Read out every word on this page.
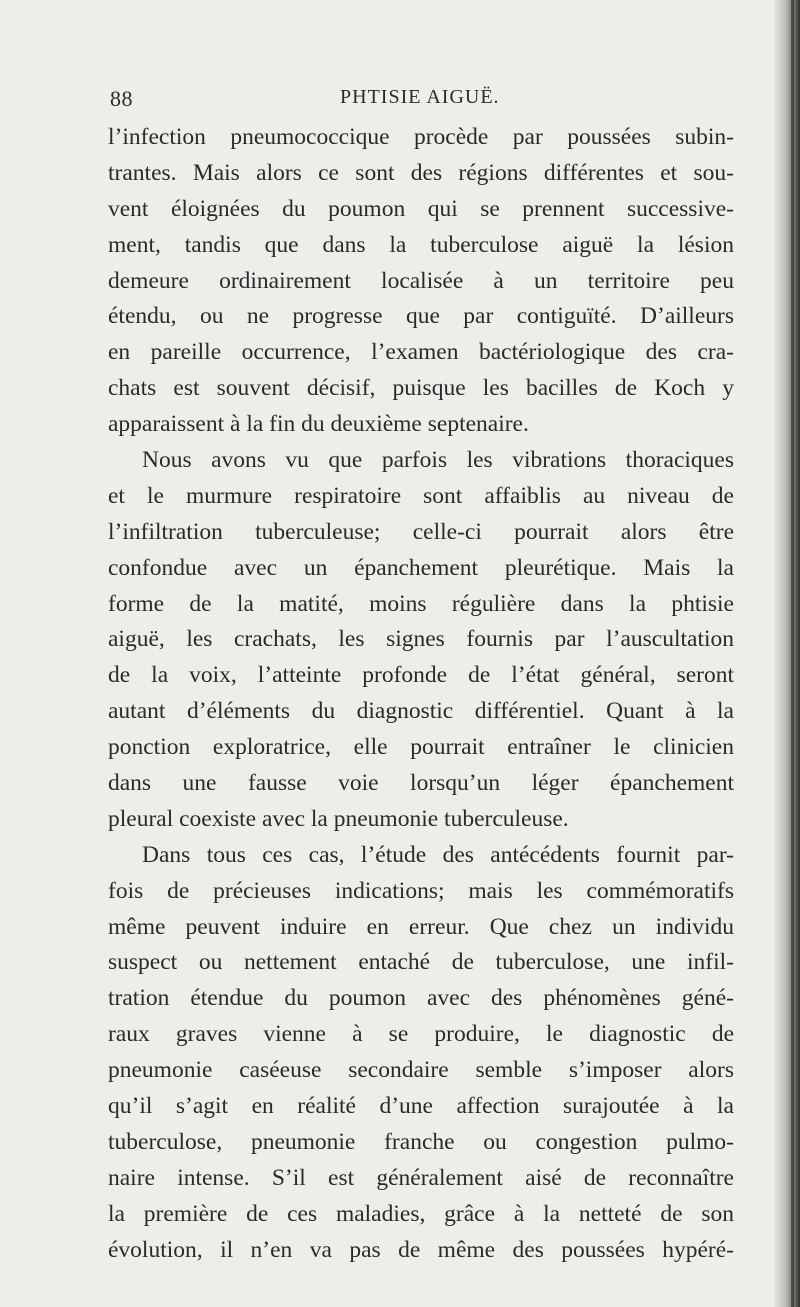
88	PHTISIE AIGUË.
l’infection pneumococcique procède par poussées subin-
trantes. Mais alors ce sont des régions différentes et sou-
vent éloignées du poumon qui se prennent successive-
ment, tandis que dans la tuberculose aiguë la lésion
demeure ordinairement localisée à un territoire peu
étendu, ou ne progresse que par contiguïté. D’ailleurs
en pareille occurrence, l’examen bactériologique des cra-
chats est souvent décisif, puisque les bacilles de Koch y
apparaissent à la fin du deuxième septenaire.
Nous avons vu que parfois les vibrations thoraciques
et le murmure respiratoire sont affaiblis au niveau de
l’infiltration tuberculeuse; celle-ci pourrait alors être
confondue avec un épanchement pleurétique. Mais la
forme de la matité, moins régulière dans la phtisie
aiguë, les crachats, les signes fournis par l’auscultation
de la voix, l’atteinte profonde de l’état général, seront
autant d’éléments du diagnostic différentiel. Quant à la
ponction exploratrice, elle pourrait entraîner le clinicien
dans une fausse voie lorsqu’un léger épanchement
pleural coexiste avec la pneumonie tuberculeuse.
Dans tous ces cas, l’étude des antécédents fournit par-
fois de précieuses indications; mais les commémoratifs
même peuvent induire en erreur. Que chez un individu
suspect ou nettement entaché de tuberculose, une infil-
tration étendue du poumon avec des phénomènes géné-
raux graves vienne à se produire, le diagnostic de
pneumonie caséeuse secondaire semble s’imposer alors
qu’il s’agit en réalité d’une affection surajoutée à la
tuberculose, pneumonie franche ou congestion pulmo-
naire intense. S’il est généralement aisé de reconnaître
la première de ces maladies, grâce à la netteté de son
évolution, il n’en va pas de même des poussées hypéré-
